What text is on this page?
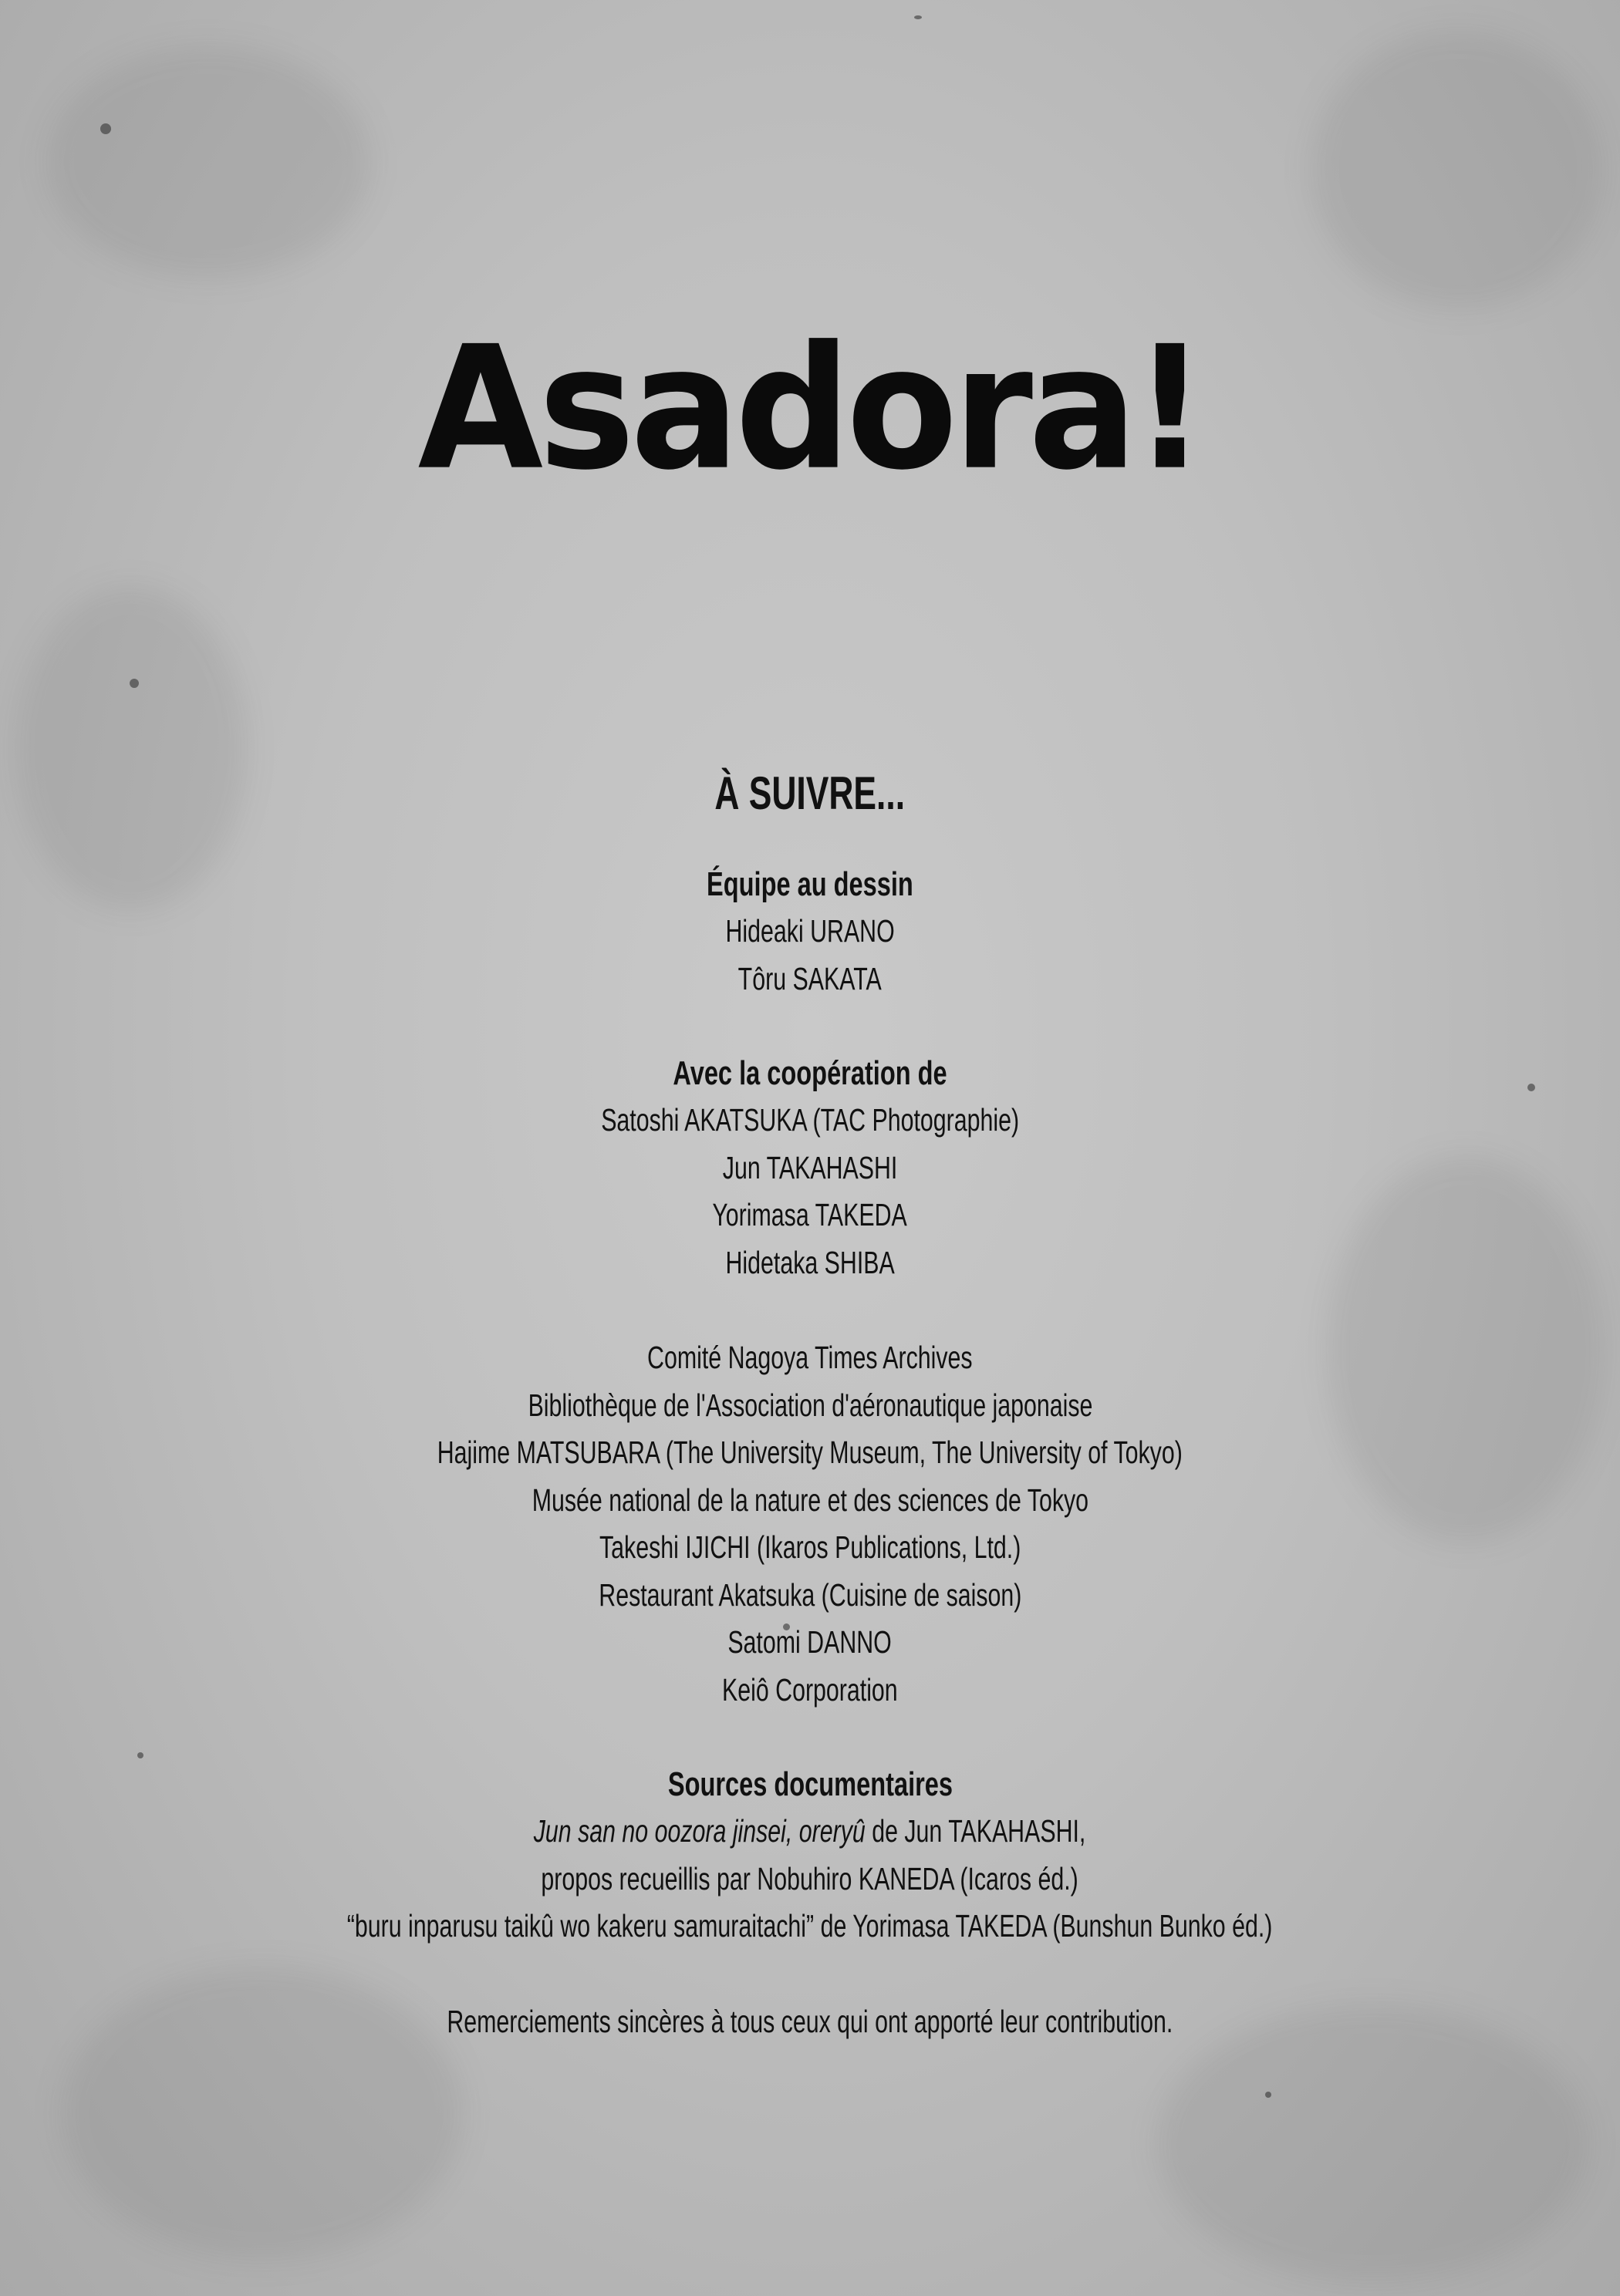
Asadora!
À SUIVRE...
Équipe au dessin
Hideaki URANO
Tôru SAKATA
Avec la coopération de
Satoshi AKATSUKA (TAC Photographie)
Jun TAKAHASHI
Yorimasa TAKEDA
Hidetaka SHIBA
Comité Nagoya Times Archives
Bibliothèque de l'Association d'aéronautique japonaise
Hajime MATSUBARA (The University Museum, The University of Tokyo)
Musée national de la nature et des sciences de Tokyo
Takeshi IJICHI (Ikaros Publications, Ltd.)
Restaurant Akatsuka (Cuisine de saison)
Satomi DANNO
Keiô Corporation
Sources documentaires
Jun san no oozora jinsei, oreryû de Jun TAKAHASHI,
propos recueillis par Nobuhiro KANEDA (Icaros éd.)
“buru inparusu taikû wo kakeru samuraitachi” de Yorimasa TAKEDA (Bunshun Bunko éd.)
Remerciements sincères à tous ceux qui ont apporté leur contribution.
